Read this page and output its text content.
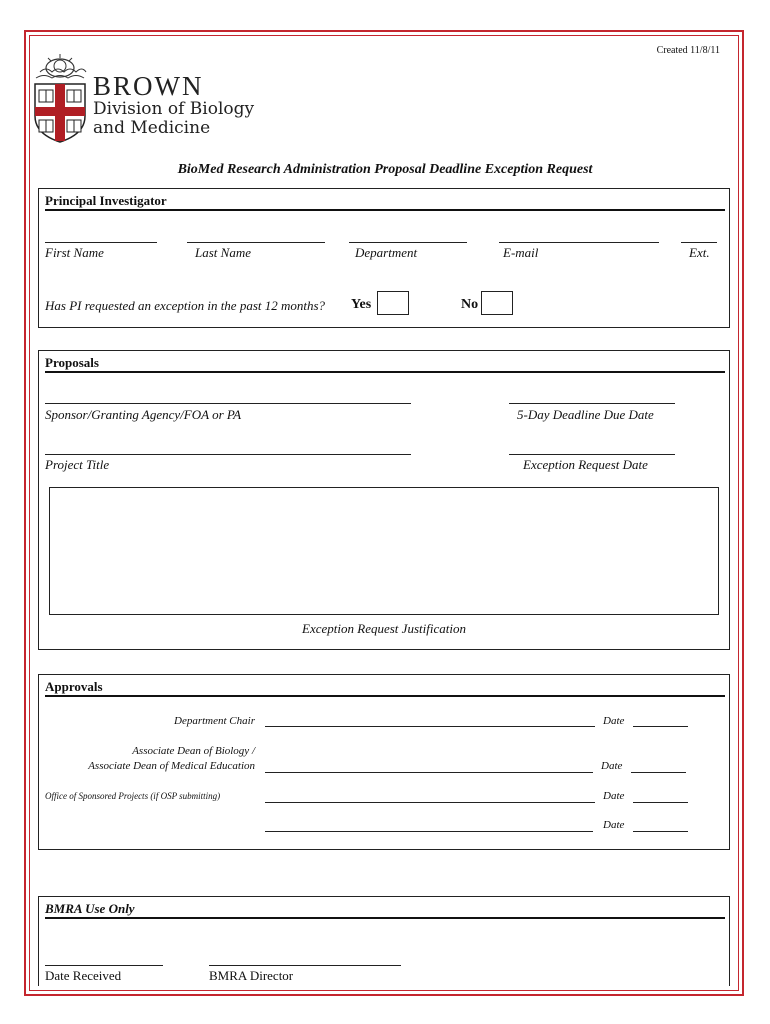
Created 11/8/11
BROWN
Division of Biology
and Medicine
BioMed Research Administration Proposal Deadline Exception Request
Principal Investigator
First Name	Last Name	Department	E-mail	Ext.
Has PI requested an exception in the past 12 months? Yes	No
Proposals
Sponsor/Granting Agency/FOA or PA	5-Day Deadline Due Date
Project Title	Exception Request Date
Exception Request Justification
Approvals
Department Chair	Date
Associate Dean of Biology /
Associate Dean of Medical Education	Date
Office of Sponsored Projects (if OSP submitting)	Date
Date
BMRA Use Only
Date Received	BMRA Director
